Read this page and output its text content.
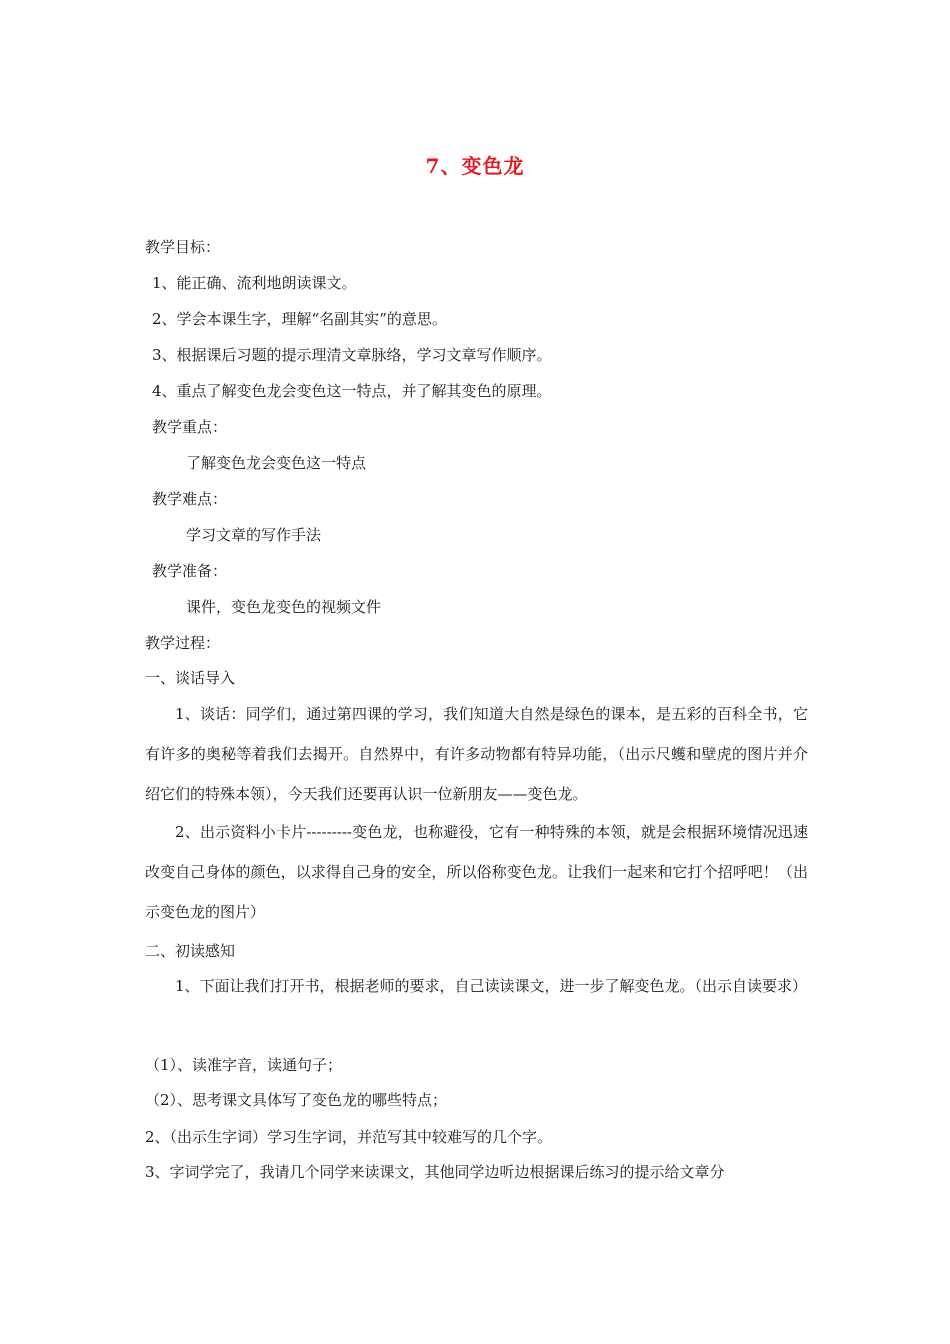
7、变色龙
教学目标：
1、能正确、流利地朗读课文。
2、学会本课生字，理解“名副其实”的意思。
3、根据课后习题的提示理清文章脉络，学习文章写作顺序。
4、重点了解变色龙会变色这一特点，并了解其变色的原理。
教学重点：
了解变色龙会变色这一特点
教学难点：
学习文章的写作手法
教学准备：
课件，变色龙变色的视频文件
教学过程：
一、谈话导入
1、谈话：同学们，通过第四课的学习，我们知道大自然是绿色的课本，是五彩的百科全书，它有许多的奥秘等着我们去揭开。自然界中，有许多动物都有特异功能，（出示尺蠖和壁虎的图片并介绍它们的特殊本领），今天我们还要再认识一位新朋友——变色龙。
2、出示资料小卡片---------变色龙，也称避役，它有一种特殊的本领，就是会根据环境情况迅速改变自己身体的颜色，以求得自己身的安全，所以俗称变色龙。让我们一起来和它打个招呼吧！（出示变色龙的图片）
二、初读感知
1、下面让我们打开书，根据老师的要求，自己读读课文，进一步了解变色龙。（出示自读要求）
（1）、读准字音，读通句子；
（2）、思考课文具体写了变色龙的哪些特点；
2、（出示生字词）学习生字词，并范写其中较难写的几个字。
3、字词学完了，我请几个同学来读课文，其他同学边听边根据课后练习的提示给文章分
